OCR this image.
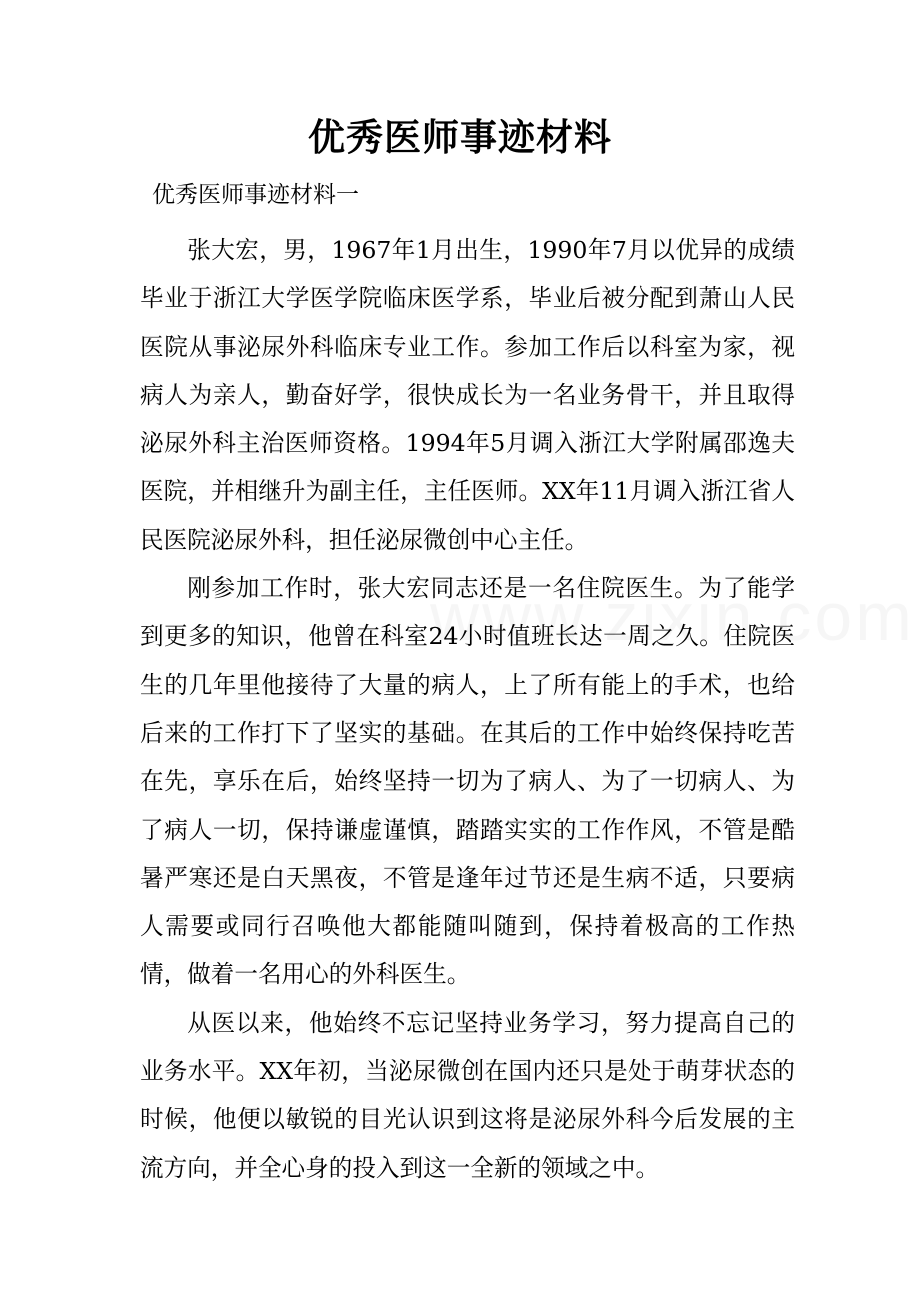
优秀医师事迹材料
优秀医师事迹材料一

张大宏，男，1967年1月出生，1990年7月以优异的成绩毕业于浙江大学医学院临床医学系，毕业后被分配到萧山人民医院从事泌尿外科临床专业工作。参加工作后以科室为家，视病人为亲人，勤奋好学，很快成长为一名业务骨干，并且取得泌尿外科主治医师资格。1994年5月调入浙江大学附属邵逸夫医院，并相继升为副主任，主任医师。XX年11月调入浙江省人民医院泌尿外科，担任泌尿微创中心主任。

刚参加工作时，张大宏同志还是一名住院医生。为了能学到更多的知识，他曾在科室24小时值班长达一周之久。住院医生的几年里他接待了大量的病人，上了所有能上的手术，也给后来的工作打下了坚实的基础。在其后的工作中始终保持吃苦在先，享乐在后，始终坚持一切为了病人、为了一切病人、为了病人一切，保持谦虚谨慎，踏踏实实的工作作风，不管是酷暑严寒还是白天黑夜，不管是逢年过节还是生病不适，只要病人需要或同行召唤他大都能随叫随到，保持着极高的工作热情，做着一名用心的外科医生。

从医以来，他始终不忘记坚持业务学习，努力提高自己的业务水平。XX年初，当泌尿微创在国内还只是处于萌芽状态的时候，他便以敏锐的目光认识到这将是泌尿外科今后发展的主流方向，并全心身的投入到这一全新的领域之中。
